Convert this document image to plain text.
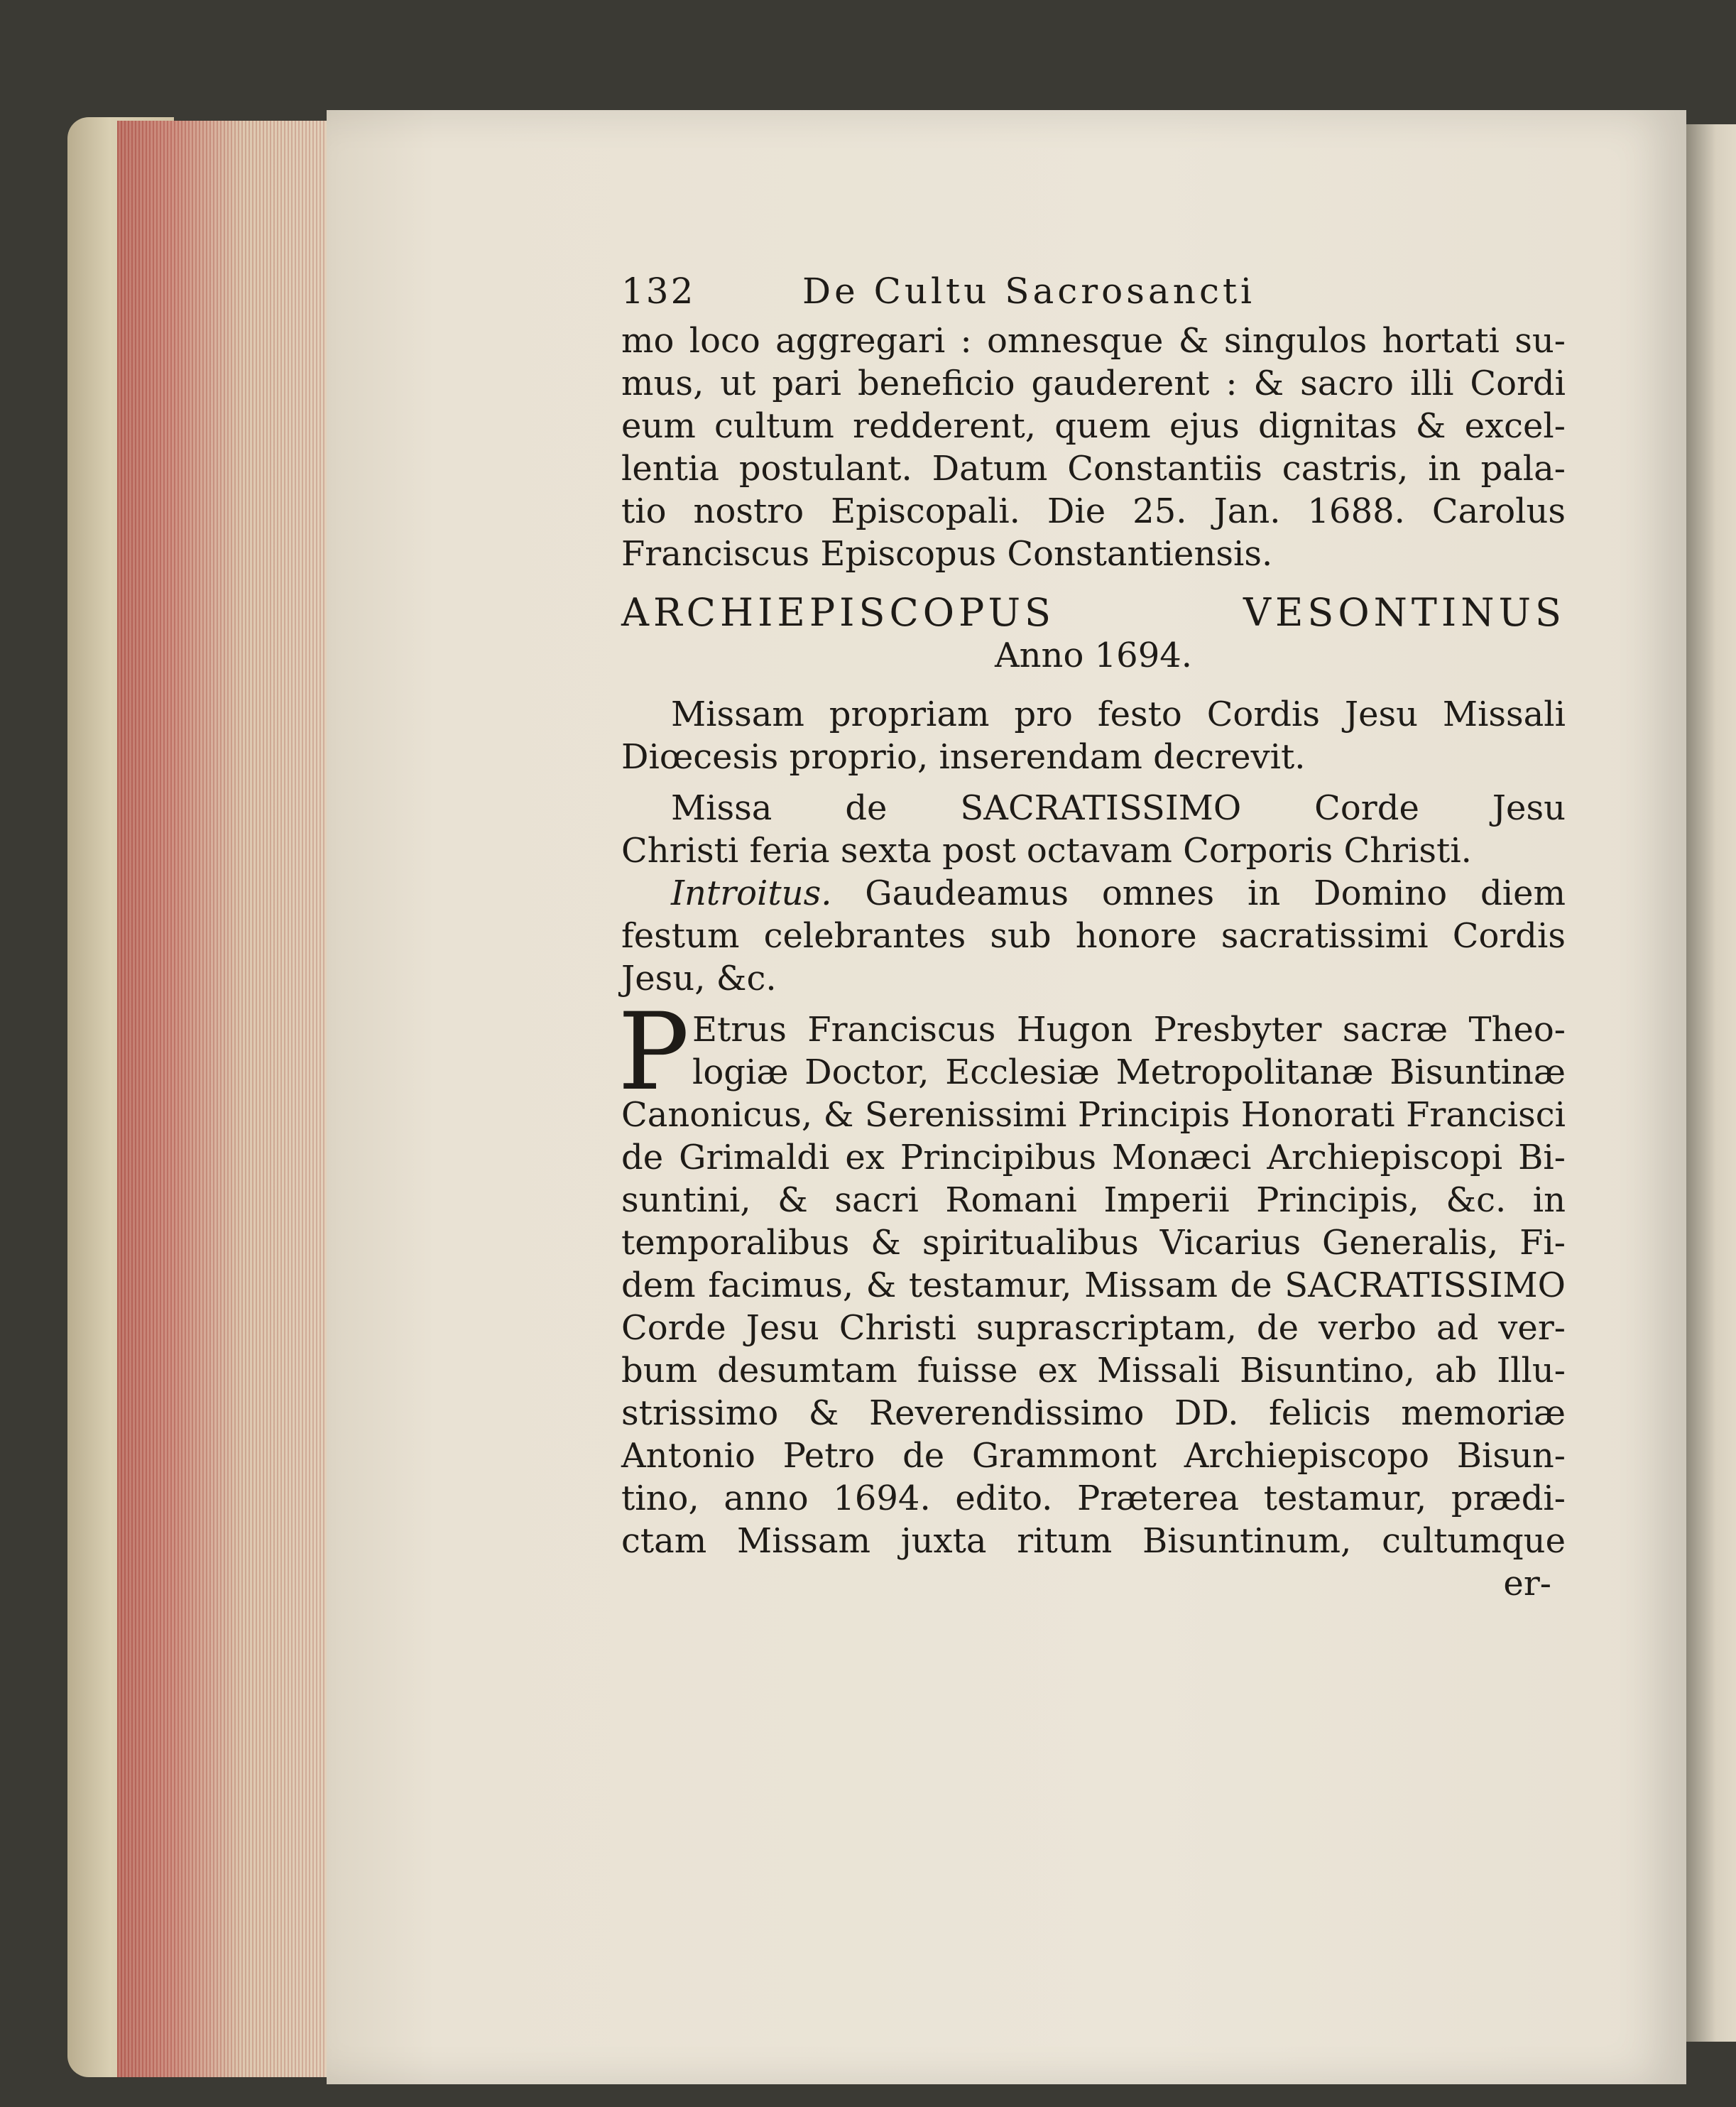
132	De Cultu Sacrosancti
mo loco aggregari : omnesque & singulos hortati su-
mus, ut pari beneficio gauderent : & sacro illi Cordi
eum cultum redderent, quem ejus dignitas & excel-
lentia postulant. Datum Constantiis castris, in pala-
tio nostro Episcopali. Die 25. Jan. 1688. Carolus
Franciscus Episcopus Constantiensis.
ARCHIEPISCOPUS VESONTINUS
Anno 1694.
Missam propriam pro festo Cordis Jesu Missali
Diœcesis proprio, inserendam decrevit.
Missa de SACRATISSIMO Corde Jesu
Christi feria sexta post octavam Corporis Christi.
Introitus. Gaudeamus omnes in Domino diem
festum celebrantes sub honore sacratissimi Cordis
Jesu, &c.
P Etrus Franciscus Hugon Presbyter sacræ Theo-
logiæ Doctor, Ecclesiæ Metropolitanæ Bisuntinæ
Canonicus, & Serenissimi Principis Honorati Francisci
de Grimaldi ex Principibus Monæci Archiepiscopi Bi-
suntini, & sacri Romani Imperii Principis, &c. in
temporalibus & spiritualibus Vicarius Generalis, Fi-
dem facimus, & testamur, Missam de SACRATISSIMO
Corde Jesu Christi suprascriptam, de verbo ad ver-
bum desumtam fuisse ex Missali Bisuntino, ab Illu-
strissimo & Reverendissimo DD. felicis memoriæ
Antonio Petro de Grammont Archiepiscopo Bisun-
tino, anno 1694. edito. Præterea testamur, prædi-
ctam Missam juxta ritum Bisuntinum, cultumque
er-
